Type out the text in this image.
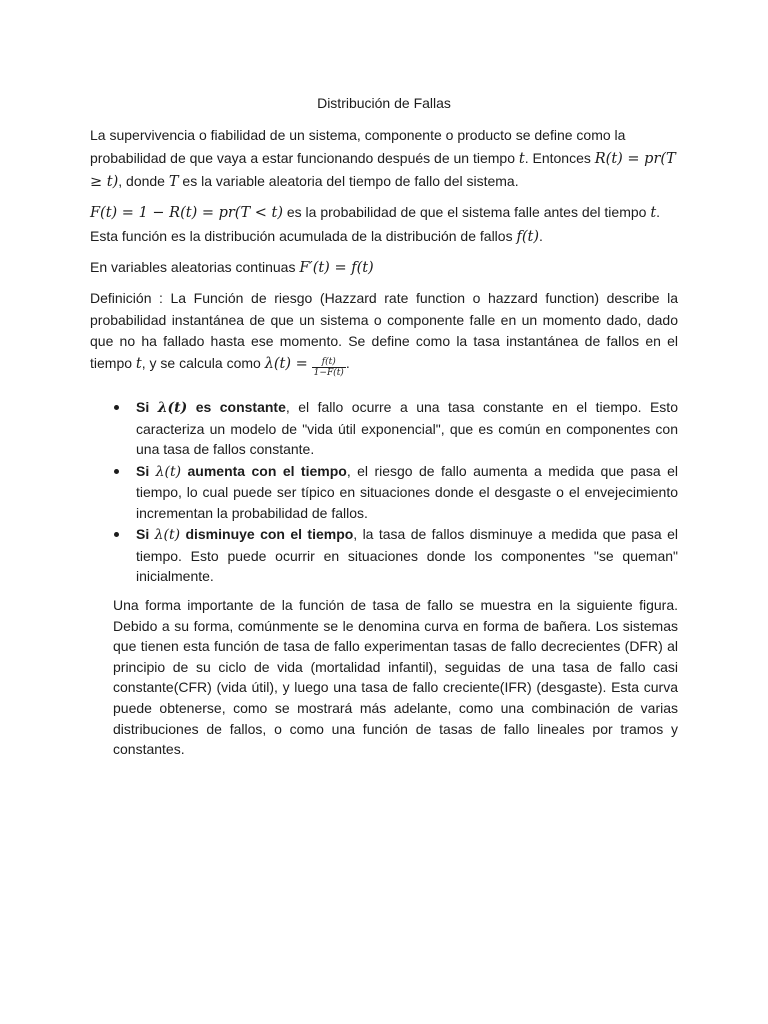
Distribución de Fallas

La supervivencia o fiabilidad de un sistema, componente o producto se define como la probabilidad de que vaya a estar funcionando después de un tiempo t. Entonces R(t) = pr(T ≥ t), donde T es la variable aleatoria del tiempo de fallo del sistema.

F(t) = 1 − R(t) = pr(T < t) es la probabilidad de que el sistema falle antes del tiempo t. Esta función es la distribución acumulada de la distribución de fallos f(t).

En variables aleatorias continuas F′(t) = f(t)

Definición : La Función de riesgo (Hazzard rate function o hazzard function) describe la probabilidad instantánea de que un sistema o componente falle en un momento dado, dado que no ha fallado hasta ese momento. Se define como la tasa instantánea de fallos en el tiempo t, y se calcula como $\lambda(t) = \frac{f(t)}{1-F(t)}$ .

Si λ(t) es constante, el fallo ocurre a una tasa constante en el tiempo. Esto caracteriza un modelo de "vida útil exponencial", que es común en componentes con una tasa de fallos constante.
Si λ(t) aumenta con el tiempo, el riesgo de fallo aumenta a medida que pasa el tiempo, lo cual puede ser típico en situaciones donde el desgaste o el envejecimiento incrementan la probabilidad de fallos.
Si λ(t) disminuye con el tiempo, la tasa de fallos disminuye a medida que pasa el tiempo. Esto puede ocurrir en situaciones donde los componentes "se queman" inicialmente.

Una forma importante de la función de tasa de fallo se muestra en la siguiente figura. Debido a su forma, comúnmente se le denomina curva en forma de bañera. Los sistemas que tienen esta función de tasa de fallo experimentan tasas de fallo decrecientes (DFR) al principio de su ciclo de vida (mortalidad infantil), seguidas de una tasa de fallo casi constante(CFR) (vida útil), y luego una tasa de fallo creciente(IFR) (desgaste). Esta curva puede obtenerse, como se mostrará más adelante, como una combinación de varias distribuciones de fallos, o como una función de tasas de fallo lineales por tramos y constantes.
